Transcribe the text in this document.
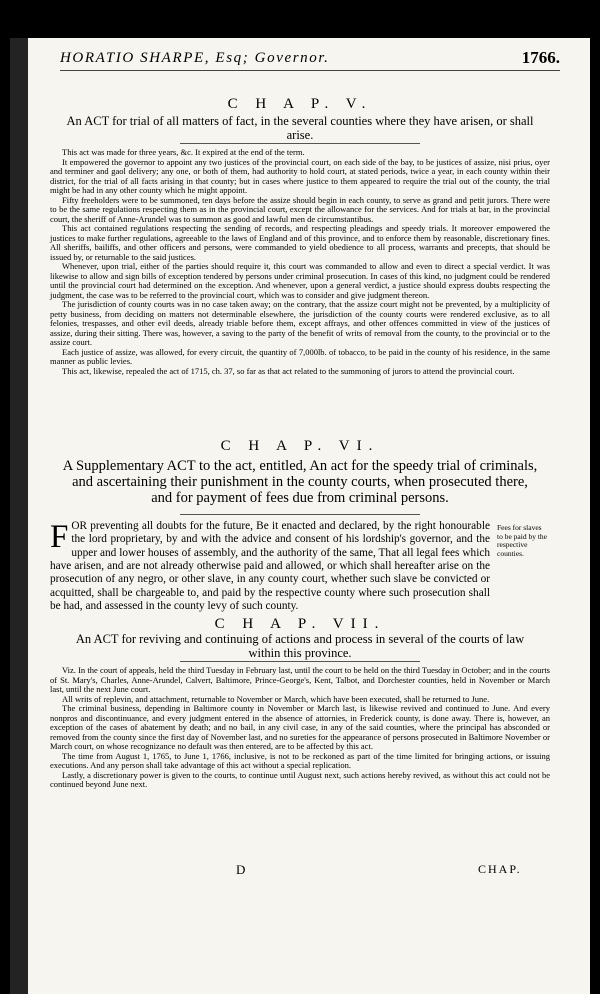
HORATIO SHARPE, Esq; Governor.	1766.
C H A P. V.
An ACT for trial of all matters of fact, in the several counties where they have arisen, or shall arise.

This act was made for three years, &c. It expired at the end of the term.

It empowered the governor to appoint any two justices of the provincial court, on each side of the bay, to be justices of assize, nisi prius, oyer and terminer and gaol delivery; any one, or both of them, had authority to hold court, at stated periods, twice a year, in each county within their district, for the trial of all facts arising in that county; but in cases where justice to them appeared to require the trial out of the county, the trial might be had in any other county which he might appoint.

Fifty freeholders were to be summoned, ten days before the assize should begin in each county, to serve as grand and petit jurors. There were to be the same regulations respecting them as in the provincial court, except the allowance for the services. And for trials at bar, in the provincial court, the sheriff of Anne-Arundel was to summon as good and lawful men de circumstantibus.

This act contained regulations respecting the sending of records, and respecting pleadings and speedy trials. It moreover empowered the justices to make further regulations, agreeable to the laws of England and of this province, and to enforce them by reasonable, discretionary fines. All sheriffs, bailiffs, and other officers and persons, were commanded to yield obedience to all process, warrants and precepts, that should be issued by, or returnable to the said justices.

Whenever, upon trial, either of the parties should require it, this court was commanded to allow and even to direct a special verdict. It was likewise to allow and sign bills of exception tendered by persons under criminal prosecution. In cases of this kind, no judgment could be rendered until the provincial court had determined on the exception. And whenever, upon a general verdict, a justice should express doubts respecting the judgment, the case was to be referred to the provincial court, which was to consider and give judgment thereon.

The jurisdiction of county courts was in no case taken away; on the contrary, that the assize court might not be prevented, by a multiplicity of petty business, from deciding on matters not determinable elsewhere, the jurisdiction of the county courts were rendered exclusive, as to all felonies, trespasses, and other evil deeds, already triable before them, except affrays, and other offences committed in view of the justices of assize, during their sitting. There was, however, a saving to the party of the benefit of writs of removal from the county, to the provincial or to the assize court.

Each justice of assize, was allowed, for every circuit, the quantity of 7,000lb. of tobacco, to be paid in the county of his residence, in the same manner as public levies.

This act, likewise, repealed the act of 1715, ch. 37, so far as that act related to the summoning of jurors to attend the provincial court.

C H A P. VI.
A Supplementary ACT to the act, entitled, An act for the speedy trial of criminals, and ascertaining their punishment in the county courts, when prosecuted there, and for payment of fees due from criminal persons.
FOR preventing all doubts for the future, Be it enacted and declared, by the right honourable the lord proprietary, by and with the advice and consent of his lordship's governor, and the upper and lower houses of assembly, and the authority of the same, That all legal fees which have arisen, and are not already otherwise paid and allowed, or which shall hereafter arise on the prosecution of any negro, or other slave, in any county court, whether such slave be convicted or acquitted, shall be chargeable to, and paid by the respective county where such prosecution shall be had, and assessed in the county levy of such county.
Fees for slaves to be paid by the respective counties.
C H A P. VII.
An ACT for reviving and continuing of actions and process in several of the courts of law within this province.

Viz. In the court of appeals, held the third Tuesday in February last, until the court to be held on the third Tuesday in October; and in the courts of St. Mary's, Charles, Anne-Arundel, Calvert, Baltimore, Prince-George's, Kent, Talbot, and Dorchester counties, held in November or March last, until the next June court.

All writs of replevin, and attachment, returnable to November or March, which have been executed, shall be returned to June.

The criminal business, depending in Baltimore county in November or March last, is likewise revived and continued to June. And every nonpros and discontinuance, and every judgment entered in the absence of attornies, in Frederick county, is done away. There is, however, an exception of the cases of abatement by death; and no bail, in any civil case, in any of the said counties, where the principal has absconded or removed from the county since the first day of November last, and no sureties for the appearance of persons prosecuted in Baltimore November or March court, on whose recognizance no default was then entered, are to be affected by this act.

The time from August 1, 1765, to June 1, 1766, inclusive, is not to be reckoned as part of the time limited for bringing actions, or issuing executions. And any person shall take advantage of this act without a special replication.

Lastly, a discretionary power is given to the courts, to continue until August next, such actions hereby revived, as without this act could not be continued beyond June next.

D	CHAP.
